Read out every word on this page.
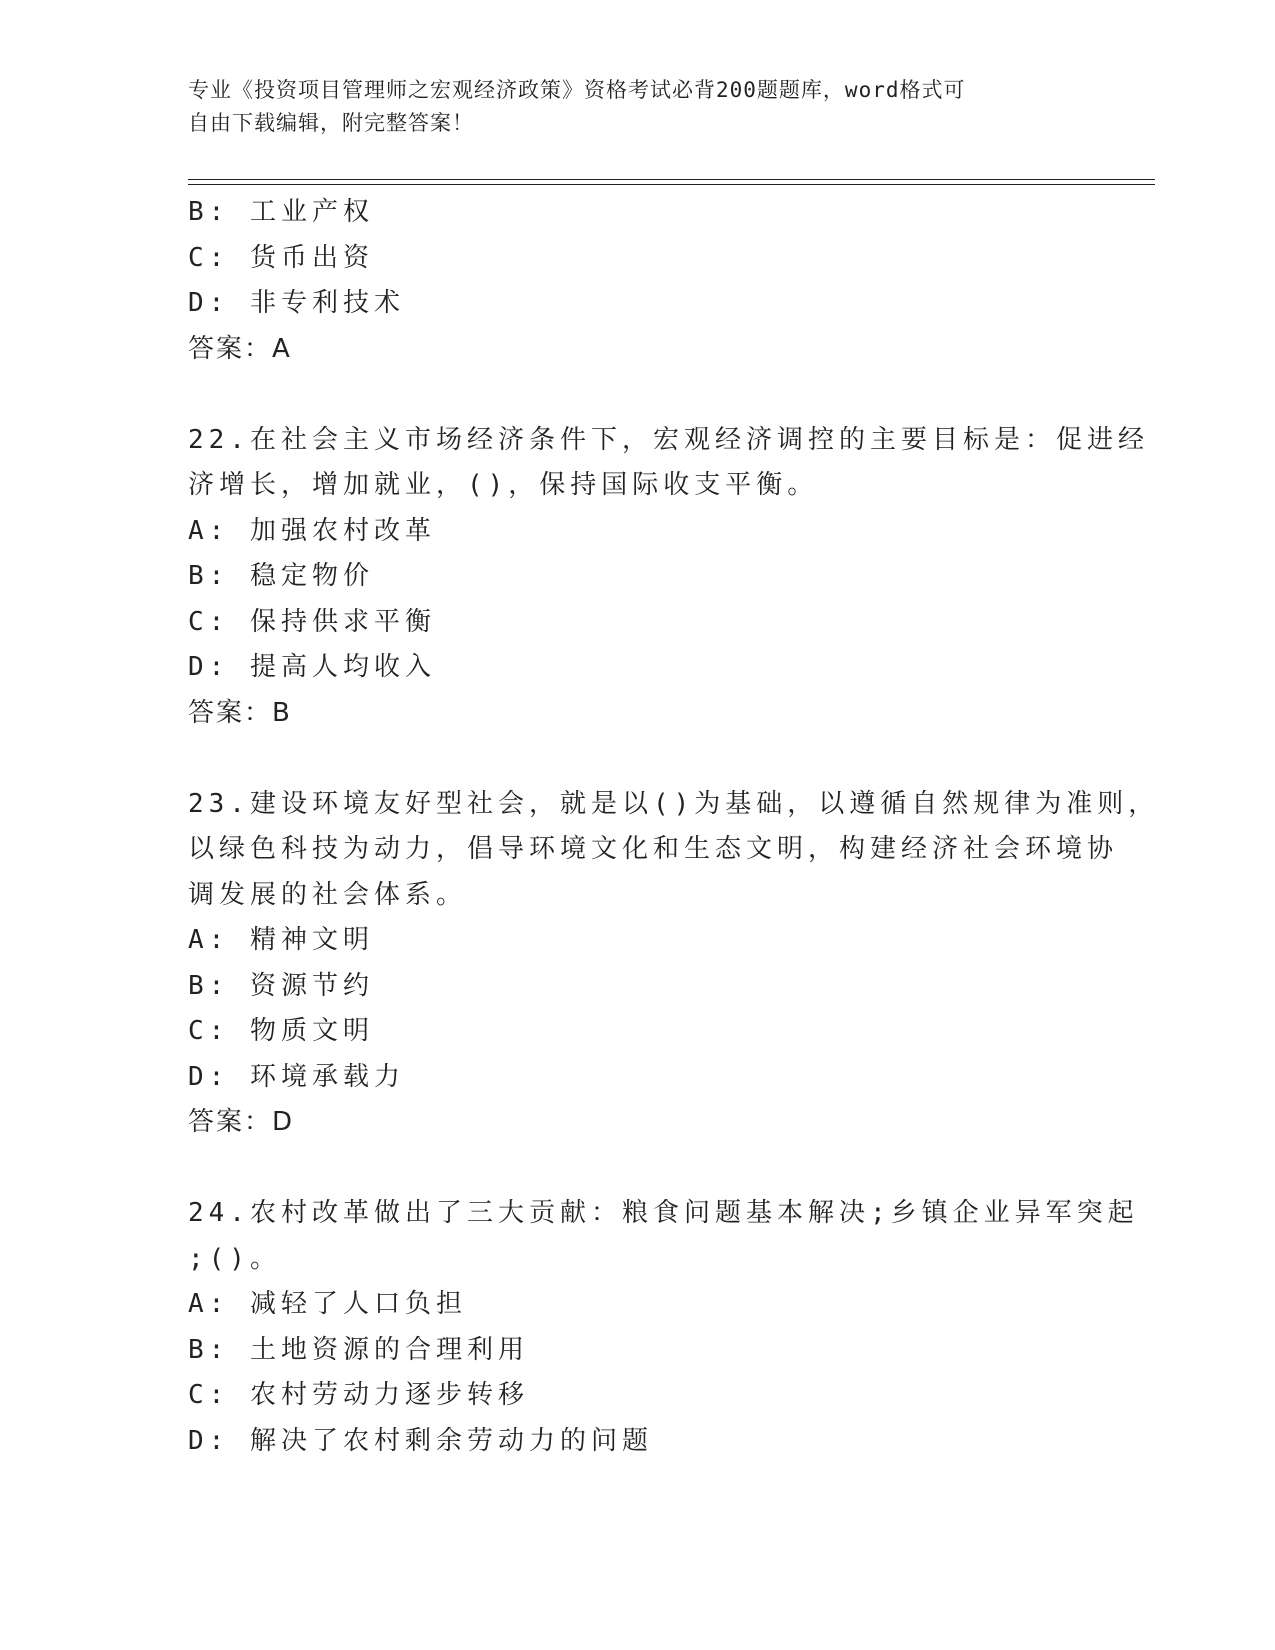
专业《投资项目管理师之宏观经济政策》资格考试必背200题题库，word格式可
自由下载编辑，附完整答案！
B: 工业产权
C: 货币出资
D: 非专利技术
答案：A
22.在社会主义市场经济条件下，宏观经济调控的主要目标是：促进经
济增长，增加就业，()，保持国际收支平衡。
A: 加强农村改革
B: 稳定物价
C: 保持供求平衡
D: 提高人均收入
答案：B
23.建设环境友好型社会，就是以()为基础，以遵循自然规律为准则，
以绿色科技为动力，倡导环境文化和生态文明，构建经济社会环境协
调发展的社会体系。
A: 精神文明
B: 资源节约
C: 物质文明
D: 环境承载力
答案：D
24.农村改革做出了三大贡献：粮食问题基本解决;乡镇企业异军突起
;()。
A: 减轻了人口负担
B: 土地资源的合理利用
C: 农村劳动力逐步转移
D: 解决了农村剩余劳动力的问题
